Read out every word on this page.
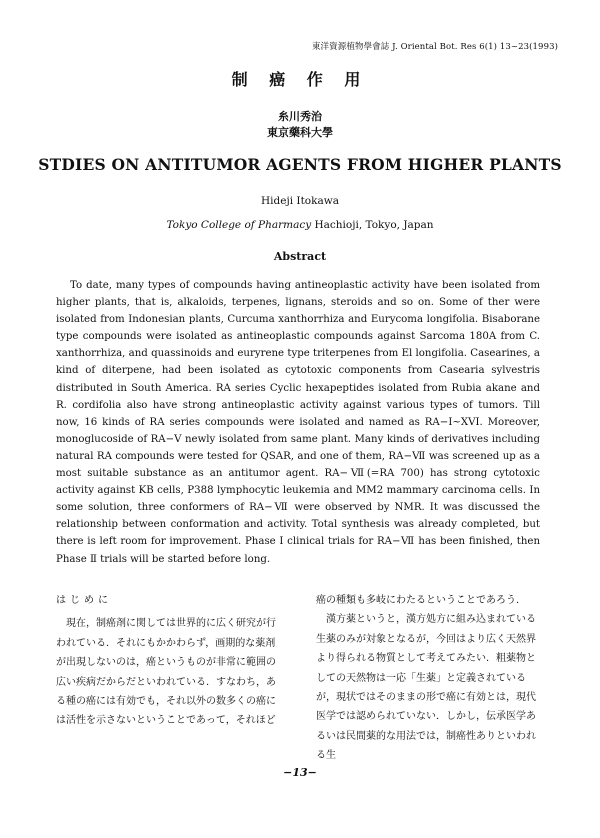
東洋資源植物學會誌 J. Oriental Bot. Res 6(1) 13~23(1993)
制 癌 作 用
糸川秀治
東京藥科大學
STDIES ON ANTITUMOR AGENTS FROM HIGHER PLANTS
Hideji Itokawa
Tokyo College of Pharmacy Hachioji, Tokyo, Japan
Abstract

To date, many types of compounds having antineoplastic activity have been isolated from higher plants, that is, alkaloids, terpenes, lignans, steroids and so on. Some of ther were isolated from Indonesian plants, Curcuma xanthorrhiza and Eurycoma longifolia. Bisaborane type compounds were isolated as antineoplastic compounds against Sarcoma 180A from C. xanthorrhiza, and quassinoids and euryrene type triterpenes from El longifolia. Casearines, a kind of diterpene, had been isolated as cytotoxic components from Casearia sylvestris distributed in South America. RA series Cyclic hexapeptides isolated from Rubia akane and R. cordifolia also have strong antineoplastic activity against various types of tumors. Till now, 16 kinds of RA series compounds were isolated and named as RA−I~XVI. Moreover, monoglucoside of RA−V newly isolated from same plant. Many kinds of derivatives including natural RA compounds were tested for QSAR, and one of them, RA−Ⅶ was screened up as a most suitable substance as an antitumor agent. RA−Ⅶ(=RA 700) has strong cytotoxic activity against KB cells, P388 lymphocytic leukemia and MM2 mammary carcinoma cells. In some solution, three conformers of RA−Ⅶ were observed by NMR. It was discussed the relationship between conformation and activity. Total synthesis was already completed, but there is left room for improvement. Phase I clinical trials for RA−Ⅶ has been finished, then Phase Ⅱ trials will be started before long.

はじめに

現在，制癌剤に関しては世界的に広く研究が行われている．それにもかかわらず，画期的な薬剤が出現しないのは，癌というものが非常に範囲の広い疾病だからだといわれている．すなわち，ある種の癌には有効でも，それ以外の数多くの癌には活性を示さないということであって，それほど

癌の種類も多岐にわたるということであろう．

漢方薬というと，漢方処方に組み込まれている生薬のみが対象となるが，今回はより広く天然界より得られる物質として考えてみたい．粗薬物としての天然物は一応「生薬」と定義されているが，現状ではそのままの形で癌に有効とは，現代医学では認められていない．しかし，伝承医学あるいは民間薬的な用法では，制癌性ありといわれる生

−13−
